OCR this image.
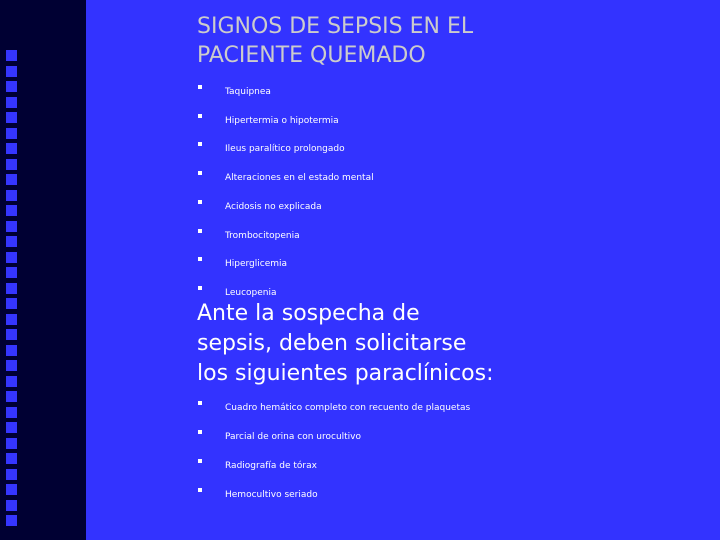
SIGNOS DE SEPSIS EN EL
PACIENTE QUEMADO
Taquipnea
Hipertermia o hipotermia
Ileus paralítico prolongado
Alteraciones en el estado mental
Acidosis no explicada
Trombocitopenia
Hiperglicemia
Leucopenia
Ante la sospecha de
sepsis, deben solicitarse
los siguientes paraclínicos:
Cuadro hemático completo con recuento de plaquetas
Parcial de orina con urocultivo
Radiografía de tórax
Hemocultivo seriado
